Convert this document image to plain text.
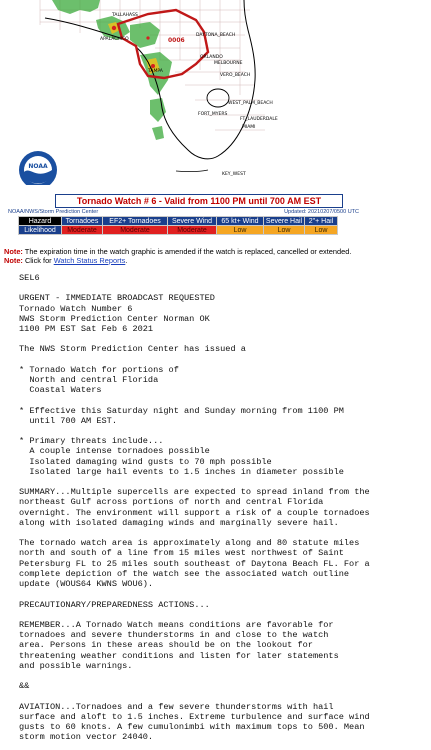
TALLAHASS
APALACHICO
DAYTONA_BEACH
ORLANDO
MELBOURNE
VERO_BEACH
TAMPA
FORT_MYERS
WEST_PALM_BEACH
FT_LAUDERDALE
MIAMI
KEY_WEST
0006
NOAA
Tornado Watch # 6 - Valid from 1100 PM until 700 AM EST
NOAA/NWS/Storm Prediction Center	Updated: 20210207/0500 UTC
Hazard	Tornadoes	EF2+ Tornadoes	Severe Wind	65 kt+ Wind	Severe Hail	2"+ Hail
Likelihood	Moderate	Moderate	Moderate	Low	Low	Low
Note: The expiration time in the watch graphic is amended if the watch is replaced, cancelled or extended.
Note: Click for Watch Status Reports.
SEL6

URGENT - IMMEDIATE BROADCAST REQUESTED
Tornado Watch Number 6
NWS Storm Prediction Center Norman OK
1100 PM EST Sat Feb 6 2021

The NWS Storm Prediction Center has issued a

* Tornado Watch for portions of
North and central Florida
Coastal Waters

* Effective this Saturday night and Sunday morning from 1100 PM
until 700 AM EST.

* Primary threats include...
A couple intense tornadoes possible
Isolated damaging wind gusts to 70 mph possible
Isolated large hail events to 1.5 inches in diameter possible

SUMMARY...Multiple supercells are expected to spread inland from the
northeast Gulf across portions of north and central Florida
overnight. The environment will support a risk of a couple tornadoes
along with isolated damaging winds and marginally severe hail.

The tornado watch area is approximately along and 80 statute miles
north and south of a line from 15 miles west northwest of Saint
Petersburg FL to 25 miles south southeast of Daytona Beach FL. For a
complete depiction of the watch see the associated watch outline
update (WOUS64 KWNS WOU6).

PRECAUTIONARY/PREPAREDNESS ACTIONS...

REMEMBER...A Tornado Watch means conditions are favorable for
tornadoes and severe thunderstorms in and close to the watch
area. Persons in these areas should be on the lookout for
threatening weather conditions and listen for later statements
and possible warnings.

&&

AVIATION...Tornadoes and a few severe thunderstorms with hail
surface and aloft to 1.5 inches. Extreme turbulence and surface wind
gusts to 60 knots. A few cumulonimbi with maximum tops to 500. Mean
storm motion vector 24040.
